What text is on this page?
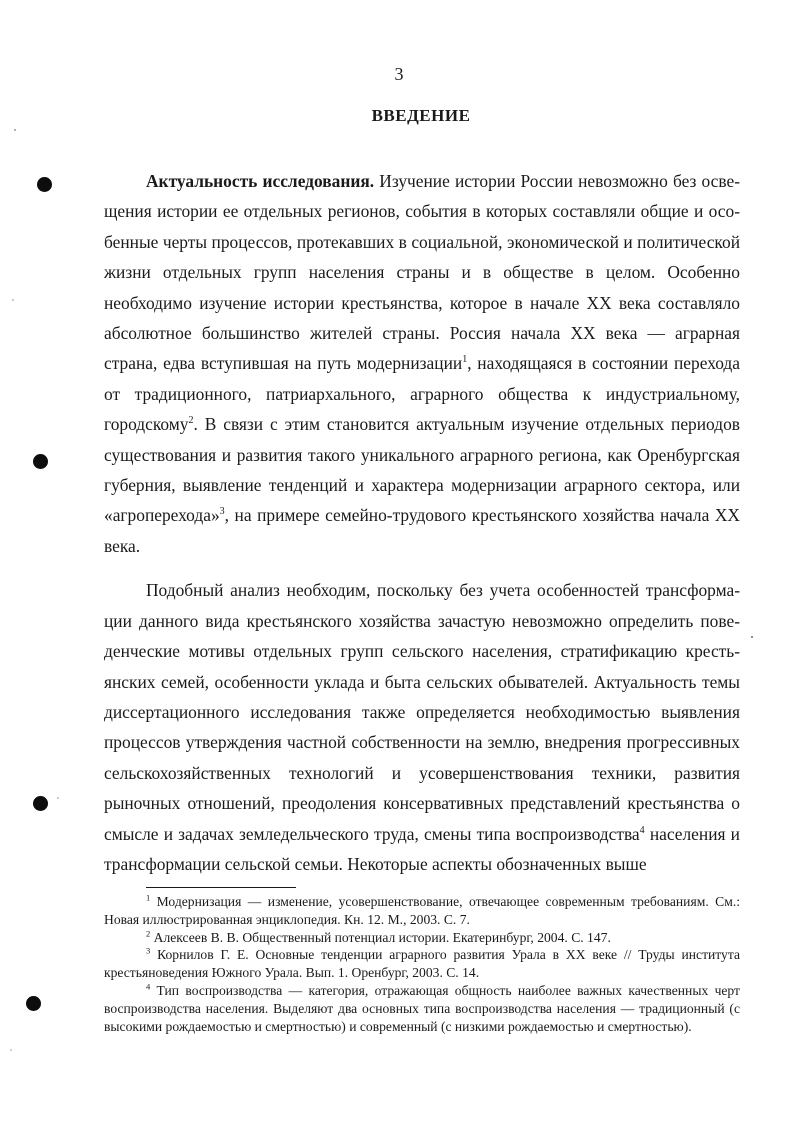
3
ВВЕДЕНИЕ

Актуальность исследования. Изучение истории России невозможно без освещения истории ее отдельных регионов, события в которых составляли общие и особенные черты процессов, протекавших в социальной, экономической и политической жизни отдельных групп населения страны и в обществе в целом. Особенно необходимо изучение истории крестьянства, которое в начале XX века составляло абсолютное большинство жителей страны. Россия начала XX века — аграрная страна, едва вступившая на путь модернизации$^1$, находящаяся в состоянии перехода от традиционного, патриархального, аграрного общества к индустриальному, городскому$^2$. В связи с этим становится актуальным изучение отдельных периодов существования и развития такого уникального аграрного региона, как Оренбургская губерния, выявление тенденций и характера модернизации аграрного сектора, или «агроперехода»$^3$, на примере семейно-трудового крестьянского хозяйства начала XX века.

Подобный анализ необходим, поскольку без учета особенностей трансформации данного вида крестьянского хозяйства зачастую невозможно определить поведенческие мотивы отдельных групп сельского населения, стратификацию крестьянских семей, особенности уклада и быта сельских обывателей. Актуальность темы диссертационного исследования также определяется необходимостью выявления процессов утверждения частной собственности на землю, внедрения прогрессивных сельскохозяйственных технологий и усовершенствования техники, развития рыночных отношений, преодоления консервативных представлений крестьянства о смысле и задачах земледельческого труда, смены типа воспроизводства$^4$ населения и трансформации сельской семьи. Некоторые аспекты обозначенных выше

$^1$ Модернизация — изменение, усовершенствование, отвечающее современным требованиям. См.: Новая иллюстрированная энциклопедия. Кн. 12. М., 2003. С. 7.

$^2$ Алексеев В. В. Общественный потенциал истории. Екатеринбург, 2004. С. 147.

$^3$ Корнилов Г. Е. Основные тенденции аграрного развития Урала в XX веке // Труды института крестьяноведения Южного Урала. Вып. 1. Оренбург, 2003. С. 14.

$^4$ Тип воспроизводства — категория, отражающая общность наиболее важных качественных черт воспроизводства населения. Выделяют два основных типа воспроизводства населения — традиционный (с высокими рождаемостью и смертностью) и современный (с низкими рождаемостью и смертностью).
